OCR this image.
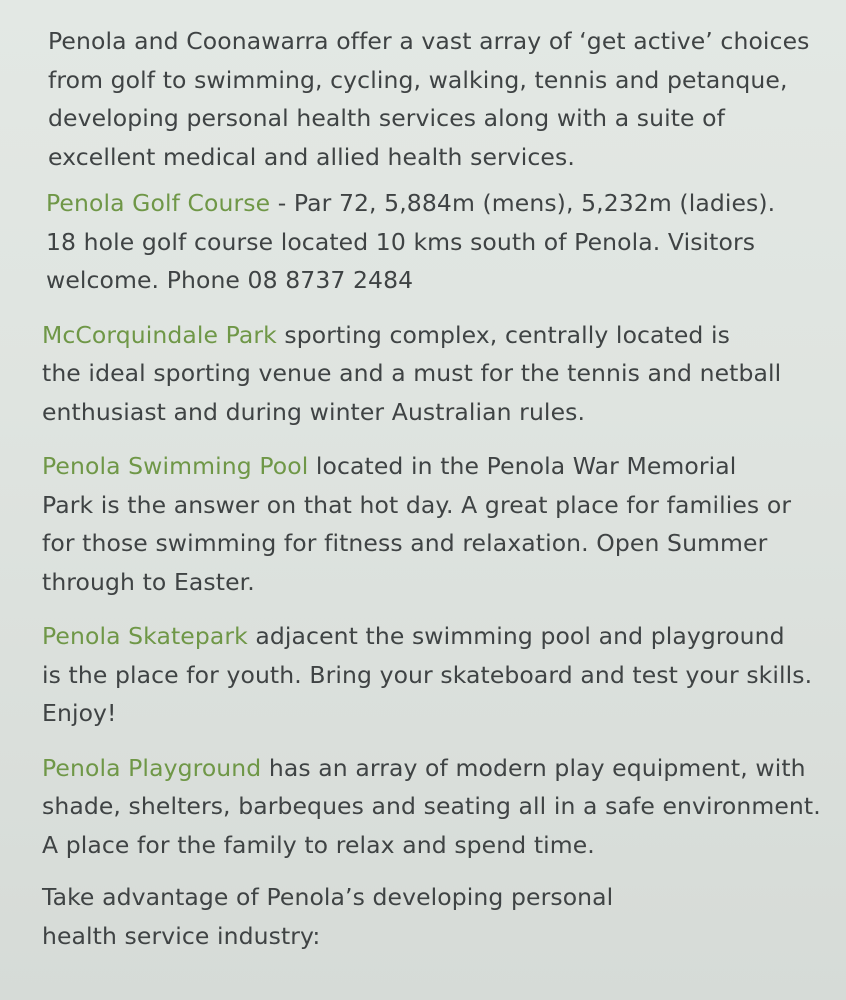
Penola and Coonawarra offer a vast array of ‘get active’ choices
from golf to swimming, cycling, walking, tennis and petanque,
developing personal health services along with a suite of
excellent medical and allied health services.

Penola Golf Course - Par 72, 5,884m (mens), 5,232m (ladies).
18 hole golf course located 10 kms south of Penola. Visitors
welcome. Phone 08 8737 2484

McCorquindale Park sporting complex, centrally located is
the ideal sporting venue and a must for the tennis and netball
enthusiast and during winter Australian rules.

Penola Swimming Pool located in the Penola War Memorial
Park is the answer on that hot day. A great place for families or
for those swimming for fitness and relaxation. Open Summer
through to Easter.

Penola Skatepark adjacent the swimming pool and playground
is the place for youth. Bring your skateboard and test your skills.
Enjoy!

Penola Playground has an array of modern play equipment, with
shade, shelters, barbeques and seating all in a safe environment.
A place for the family to relax and spend time.

Take advantage of Penola’s developing personal
health service industry:
